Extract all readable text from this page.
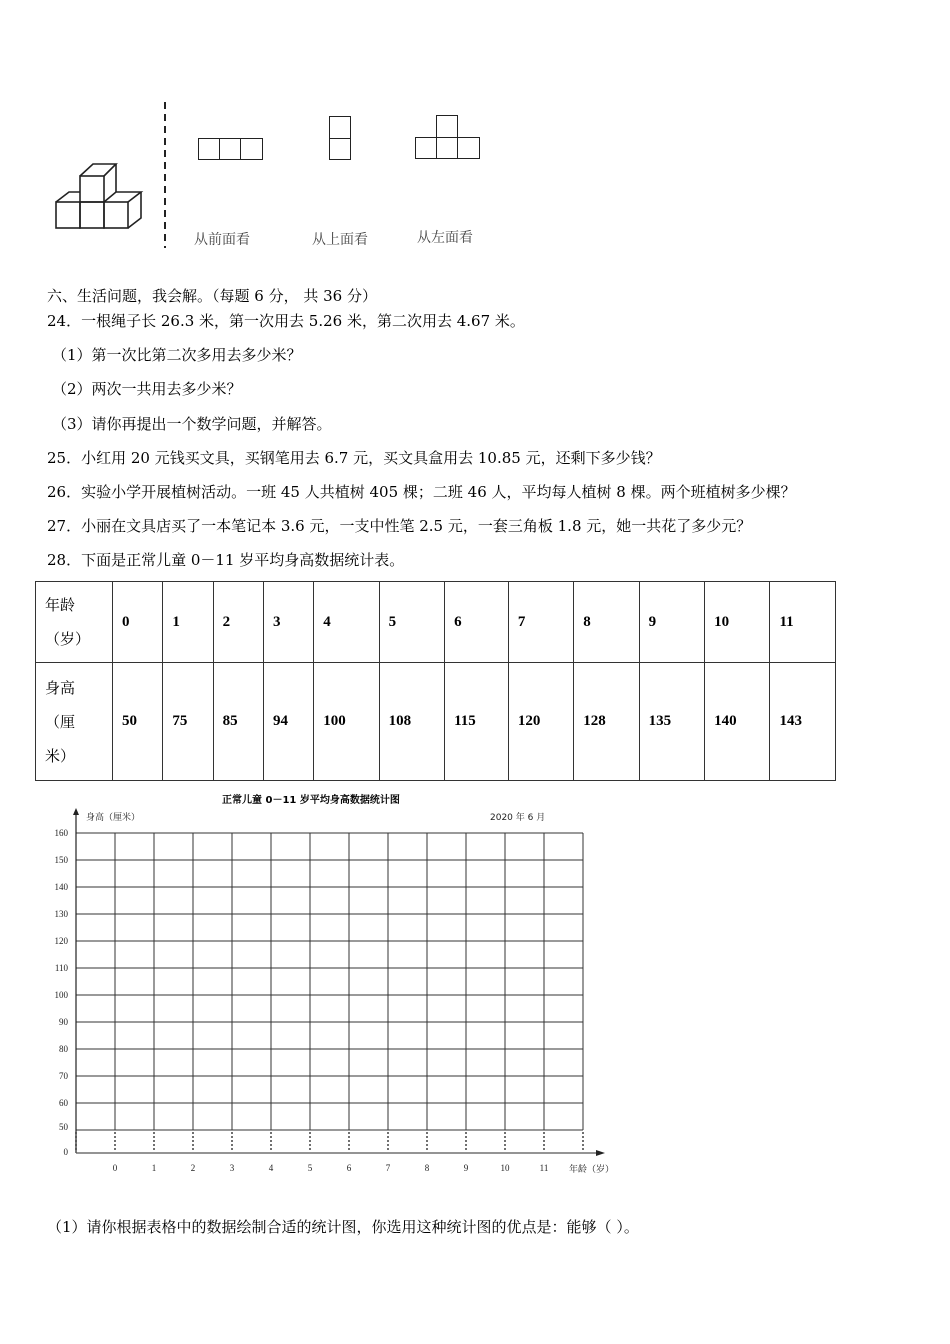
从前面看	从上面看	从左面看
六、生活问题，我会解。（每题 6 分， 共 36 分）
24．一根绳子长 26.3 米，第一次用去 5.26 米，第二次用去 4.67 米。
（1）第一次比第二次多用去多少米？
（2）两次一共用去多少米？
（3）请你再提出一个数学问题，并解答。
25．小红用 20 元钱买文具，买钢笔用去 6.7 元，买文具盒用去 10.85 元，还剩下多少钱？
26．实验小学开展植树活动。一班 45 人共植树 405 棵；二班 46 人，平均每人植树 8 棵。两个班植树多少棵？
27．小丽在文具店买了一本笔记本 3.6 元，一支中性笔 2.5 元，一套三角板 1.8 元，她一共花了多少元？
28．下面是正常儿童 0－11 岁平均身高数据统计表。
年龄
（岁）	0	1	2	3	4	5	6	7	8	9	10	11

身高
（厘
米）	50	75	85	94	100	108	115	120	128	135	140	143
正常儿童 0－11 岁平均身高数据统计图
身高（厘米）	2020 年 6 月
160
150
140
130
120
110
100
90
80
70
60
50
0
0	1	2	3	4	5	6	7	8	9	10	11	年龄（岁）
（1）请你根据表格中的数据绘制合适的统计图，你选用这种统计图的优点是：能够（ ）。
